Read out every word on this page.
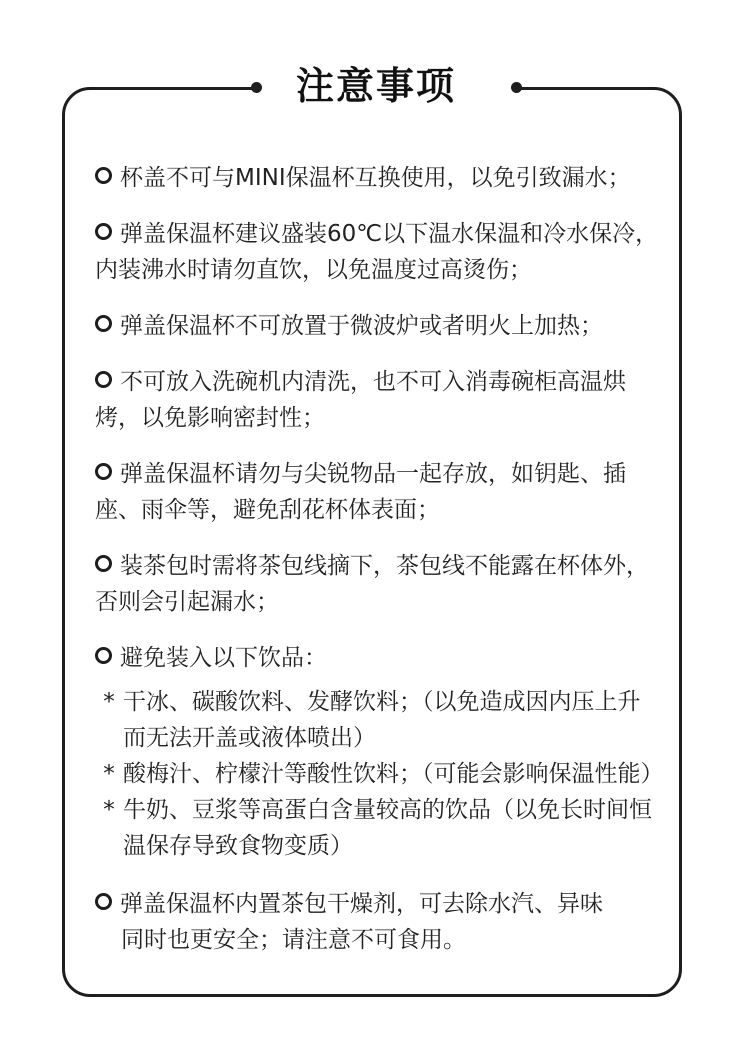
注意事项
杯盖不可与MINI保温杯互换使用，以免引致漏水；
弹盖保温杯建议盛装60℃以下温水保温和冷水保冷，内装沸水时请勿直饮，以免温度过高烫伤；
弹盖保温杯不可放置于微波炉或者明火上加热；
不可放入洗碗机内清洗，也不可入消毒碗柜高温烘烤，以免影响密封性；
弹盖保温杯请勿与尖锐物品一起存放，如钥匙、插座、雨伞等，避免刮花杯体表面；
装茶包时需将茶包线摘下，茶包线不能露在杯体外，否则会引起漏水；
避免装入以下饮品：
* 干冰、碳酸饮料、发酵饮料；（以免造成因内压上升而无法开盖或液体喷出）
* 酸梅汁、柠檬汁等酸性饮料；（可能会影响保温性能）
* 牛奶、豆浆等高蛋白含量较高的饮品（以免长时间恒温保存导致食物变质）
弹盖保温杯内置茶包干燥剂，可去除水汽、异味
同时也更安全；请注意不可食用。
